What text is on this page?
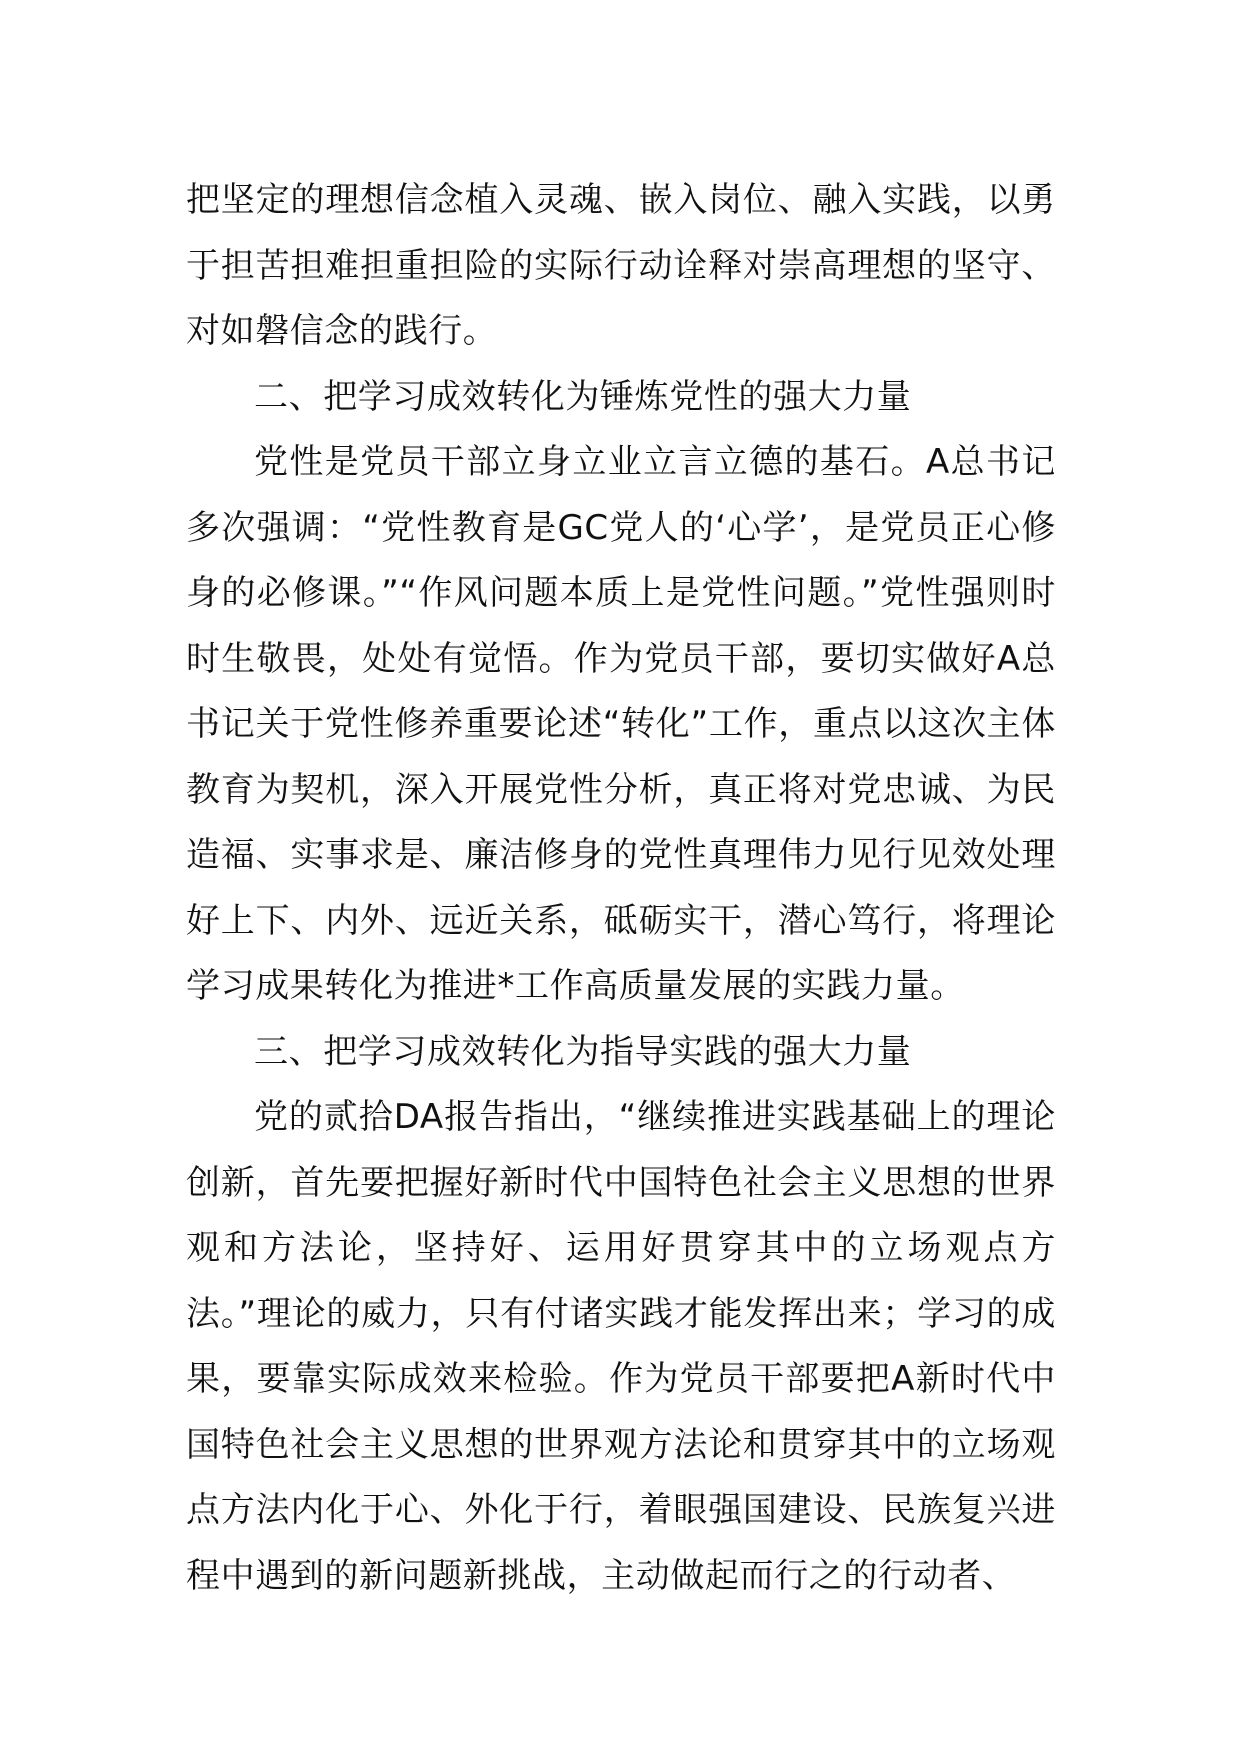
把坚定的理想信念植入灵魂、嵌入岗位、融入实践，以勇于担苦担难担重担险的实际行动诠释对崇高理想的坚守、对如磐信念的践行。

二、把学习成效转化为锤炼党性的强大力量

党性是党员干部立身立业立言立德的基石。A总书记多次强调：“党性教育是GC党人的‘心学’，是党员正心修身的必修课。”“作风问题本质上是党性问题。”党性强则时时生敬畏，处处有觉悟。作为党员干部，要切实做好A总书记关于党性修养重要论述“转化”工作，重点以这次主体教育为契机，深入开展党性分析，真正将对党忠诚、为民造福、实事求是、廉洁修身的党性真理伟力见行见效处理好上下、内外、远近关系，砥砺实干，潜心笃行，将理论学习成果转化为推进*工作高质量发展的实践力量。

三、把学习成效转化为指导实践的强大力量

党的贰拾DA报告指出，“继续推进实践基础上的理论创新，首先要把握好新时代中国特色社会主义思想的世界观和方法论，坚持好、运用好贯穿其中的立场观点方法。”理论的威力，只有付诸实践才能发挥出来；学习的成果，要靠实际成效来检验。作为党员干部要把A新时代中国特色社会主义思想的世界观方法论和贯穿其中的立场观点方法内化于心、外化于行，着眼强国建设、民族复兴进程中遇到的新问题新挑战，主动做起而行之的行动者、
